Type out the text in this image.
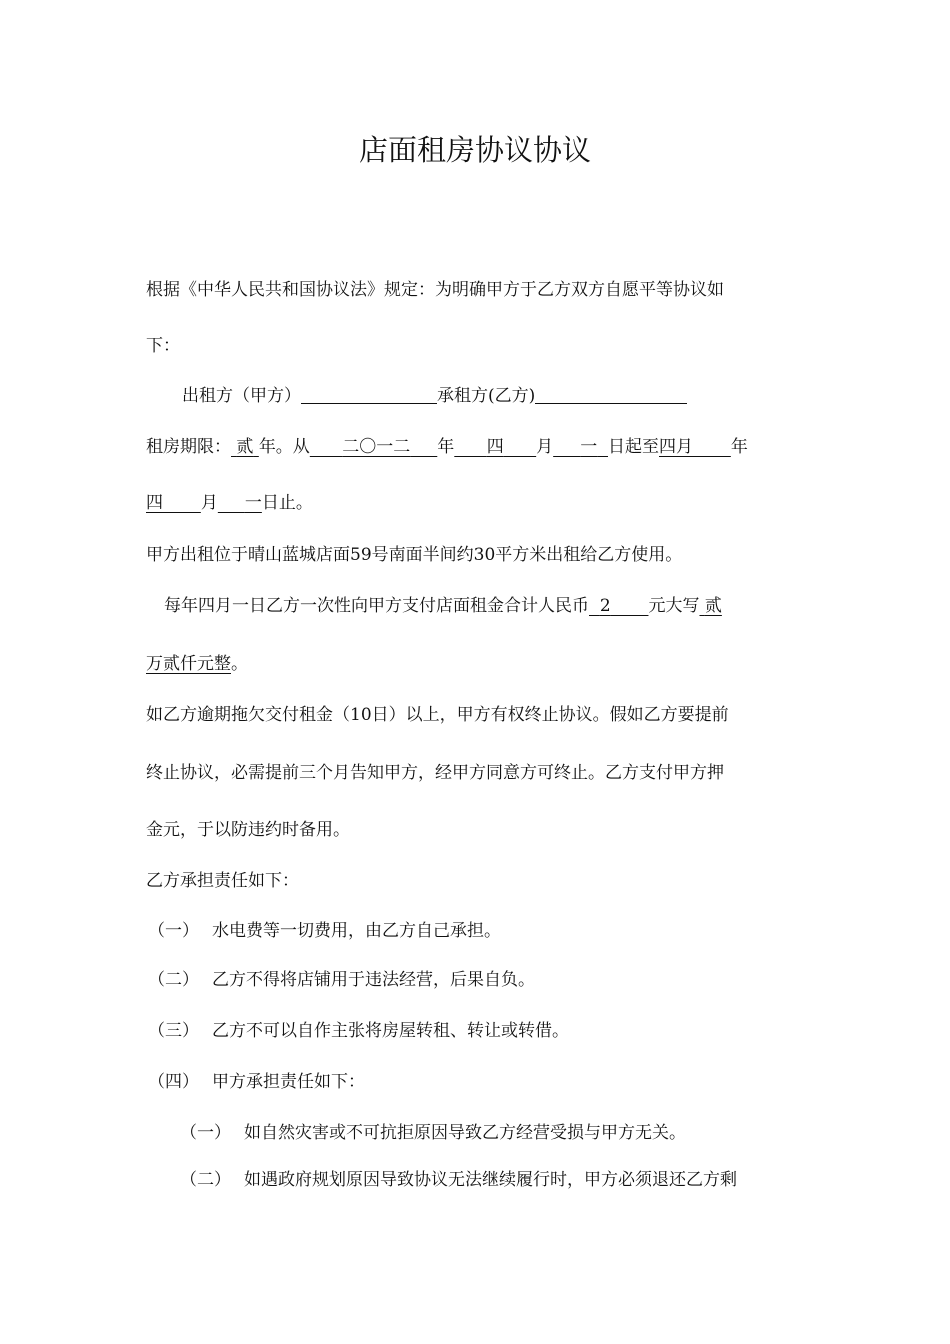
店面租房协议协议
根据《中华人民共和国协议法》规定：为明确甲方于乙方双方自愿平等协议如
下：
出租方（甲方）	承租方(乙方)
租房期限： 贰 年。从 二〇一二 年 四 月 一 日起至四月 年
四 月 一日止。
甲方出租位于晴山蓝城店面59号南面半间约30平方米出租给乙方使用。
每年四月一日乙方一次性向甲方支付店面租金合计人民币 2 元大写 贰
万贰仟元整。
如乙方逾期拖欠交付租金（10日）以上，甲方有权终止协议。假如乙方要提前
终止协议，必需提前三个月告知甲方，经甲方同意方可终止。乙方支付甲方押
金元，于以防违约时备用。
乙方承担责任如下：
（一） 水电费等一切费用，由乙方自己承担。
（二） 乙方不得将店铺用于违法经营，后果自负。
（三） 乙方不可以自作主张将房屋转租、转让或转借。
（四） 甲方承担责任如下：
（一） 如自然灾害或不可抗拒原因导致乙方经营受损与甲方无关。
（二） 如遇政府规划原因导致协议无法继续履行时，甲方必须退还乙方剩
